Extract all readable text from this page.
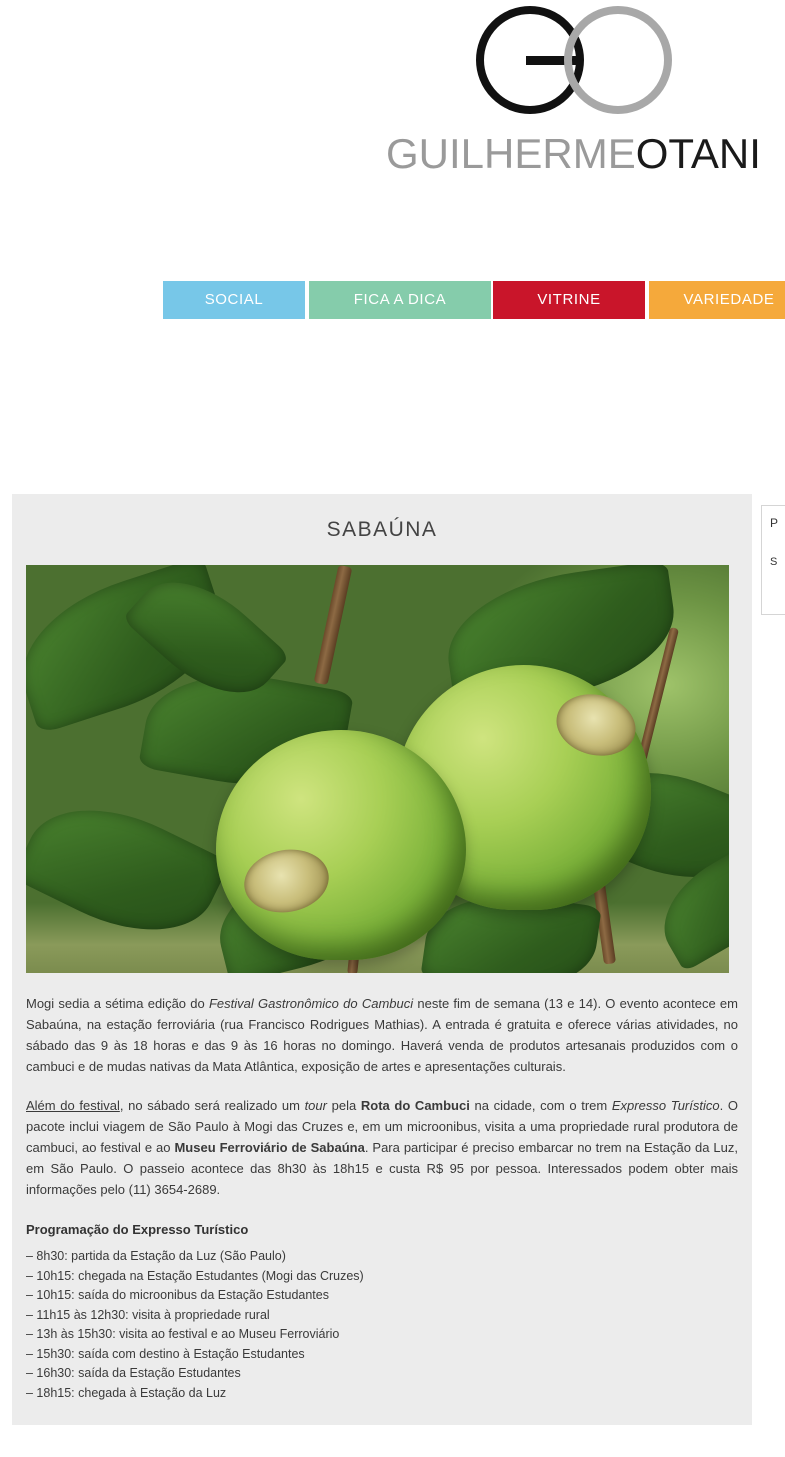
GUILHERMEOTANI
SOCIAL	FICA A DICA	VITRINE	VARIEDADE
P
S
SABAÚNA

Mogi sedia a sétima edição do Festival Gastronômico do Cambuci neste fim de semana (13 e 14). O evento acontece em Sabaúna, na estação ferroviária (rua Francisco Rodrigues Mathias). A entrada é gratuita e oferece várias atividades, no sábado das 9 às 18 horas e das 9 às 16 horas no domingo. Haverá venda de produtos artesanais produzidos com o cambuci e de mudas nativas da Mata Atlântica, exposição de artes e apresentações culturais.

Além do festival, no sábado será realizado um tour pela Rota do Cambuci na cidade, com o trem Expresso Turístico. O pacote inclui viagem de São Paulo à Mogi das Cruzes e, em um microonibus, visita a uma propriedade rural produtora de cambuci, ao festival e ao Museu Ferroviário de Sabaúna. Para participar é preciso embarcar no trem na Estação da Luz, em São Paulo. O passeio acontece das 8h30 às 18h15 e custa R$ 95 por pessoa. Interessados podem obter mais informações pelo (11) 3654-2689.

Programação do Expresso Turístico
– 8h30: partida da Estação da Luz (São Paulo)
– 10h15: chegada na Estação Estudantes (Mogi das Cruzes)
– 10h15: saída do microonibus da Estação Estudantes
– 11h15 às 12h30: visita à propriedade rural
– 13h às 15h30: visita ao festival e ao Museu Ferroviário
– 15h30: saída com destino à Estação Estudantes
– 16h30: saída da Estação Estudantes
– 18h15: chegada à Estação da Luz
